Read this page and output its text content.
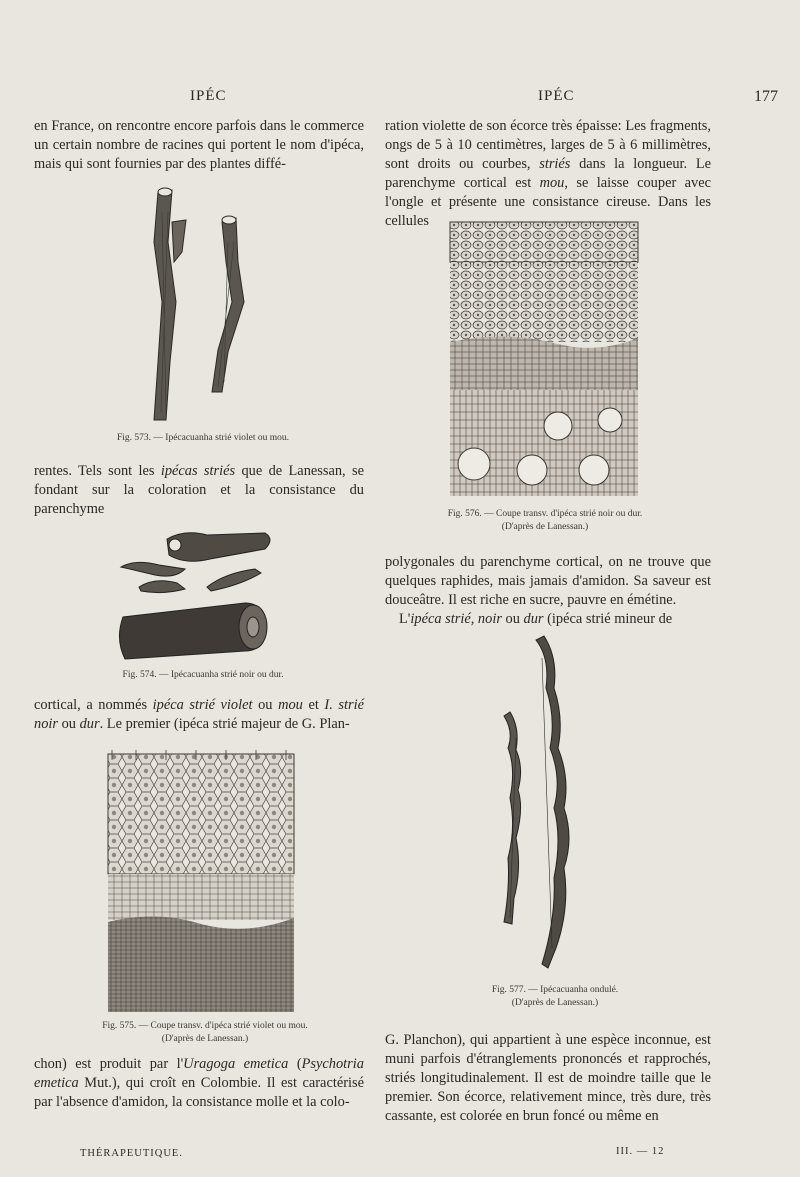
IPÉC	IPÉC	177

en France, on rencontre encore parfois dans le commerce un certain nombre de racines qui portent le nom d'ipéca, mais qui sont fournies par des plantes diffé-

Fig. 573. — Ipécacuanha strié violet ou mou.

rentes. Tels sont les ipécas striés que de Lanessan, se fondant sur la coloration et la consistance du parenchyme

Fig. 574. — Ipécacuanha strié noir ou dur.

cortical, a nommés ipéca strié violet ou mou et I. strié noir ou dur. Le premier (ipéca strié majeur de G. Plan-

Fig. 575. — Coupe transv. d'ipéca strié violet ou mou.
(D'après de Lanessan.)

chon) est produit par l'Uragoga emetica (Psychotria emetica Mut.), qui croît en Colombie. Il est caractérisé par l'absence d'amidon, la consistance molle et la colo-

THÉRAPEUTIQUE.

ration violette de son écorce très épaisse: Les fragments, ongs de 5 à 10 centimètres, larges de 5 à 6 millimètres, sont droits ou courbes, striés dans la longueur. Le parenchyme cortical est mou, se laisse couper avec l'ongle et présente une consistance cireuse. Dans les cellules

Fig. 576. — Coupe transv. d'ipéca strié noir ou dur.
(D'après de Lanessan.)

polygonales du parenchyme cortical, on ne trouve que quelques raphides, mais jamais d'amidon. Sa saveur est douceâtre. Il est riche en sucre, pauvre en émétine.

L'ipéca strié, noir ou dur (ipéca strié mineur de

Fig. 577. — Ipécacuanha ondulé.
(D'après de Lanessan.)

G. Planchon), qui appartient à une espèce inconnue, est muni parfois d'étranglements prononcés et rapprochés, striés longitudinalement. Il est de moindre taille que le premier. Son écorce, relativement mince, très dure, très cassante, est colorée en brun foncé ou même en

III. — 12
